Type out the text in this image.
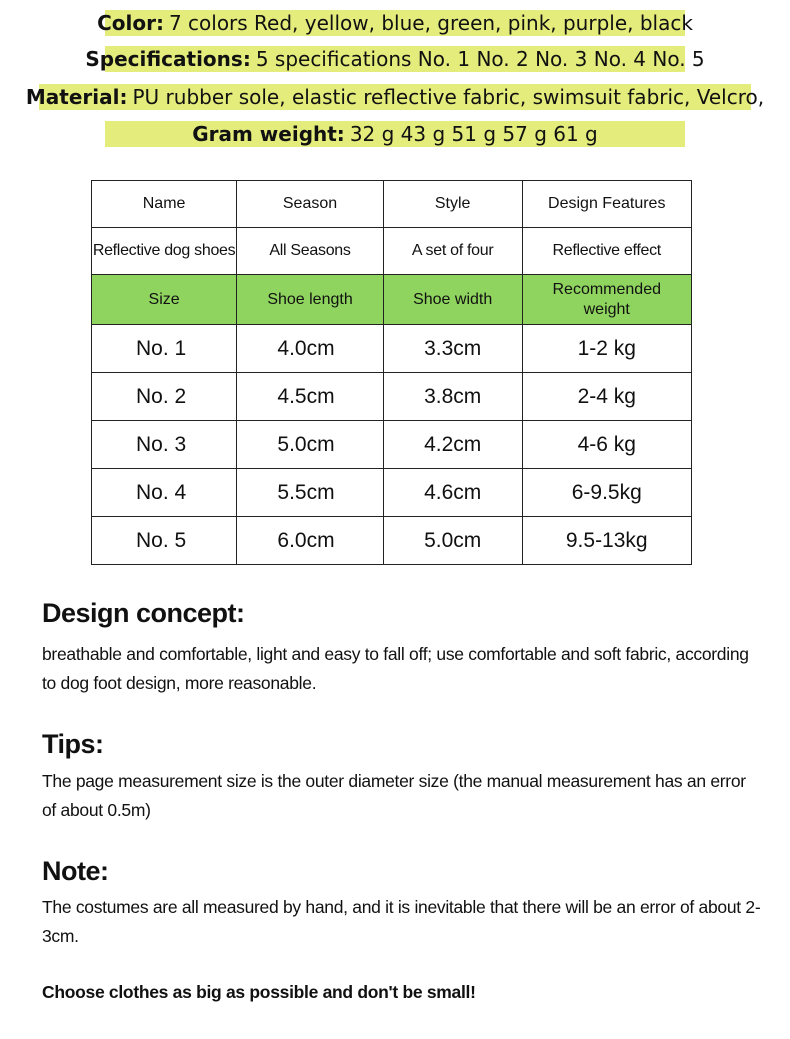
Color: 7 colors Red, yellow, blue, green, pink, purple, black
Specifications: 5 specifications No. 1 No. 2 No. 3 No. 4 No. 5
Material: PU rubber sole, elastic reflective fabric, swimsuit fabric, Velcro,
Gram weight: 32 g 43 g 51 g 57 g 61 g
Name	Season	Style	Design Features
Reflective dog shoes	All Seasons	A set of four	Reflective effect
Size	Shoe length	Shoe width	Recommended weight
No. 1	4.0cm	3.3cm	1-2 kg
No. 2	4.5cm	3.8cm	2-4 kg
No. 3	5.0cm	4.2cm	4-6 kg
No. 4	5.5cm	4.6cm	6-9.5kg
No. 5	6.0cm	5.0cm	9.5-13kg
Design concept:
breathable and comfortable, light and easy to fall off; use comfortable and soft fabric, according to dog foot design, more reasonable.
Tips:
The page measurement size is the outer diameter size (the manual measurement has an error of about 0.5m)
Note:
The costumes are all measured by hand, and it is inevitable that there will be an error of about 2-3cm.
Choose clothes as big as possible and don't be small!
